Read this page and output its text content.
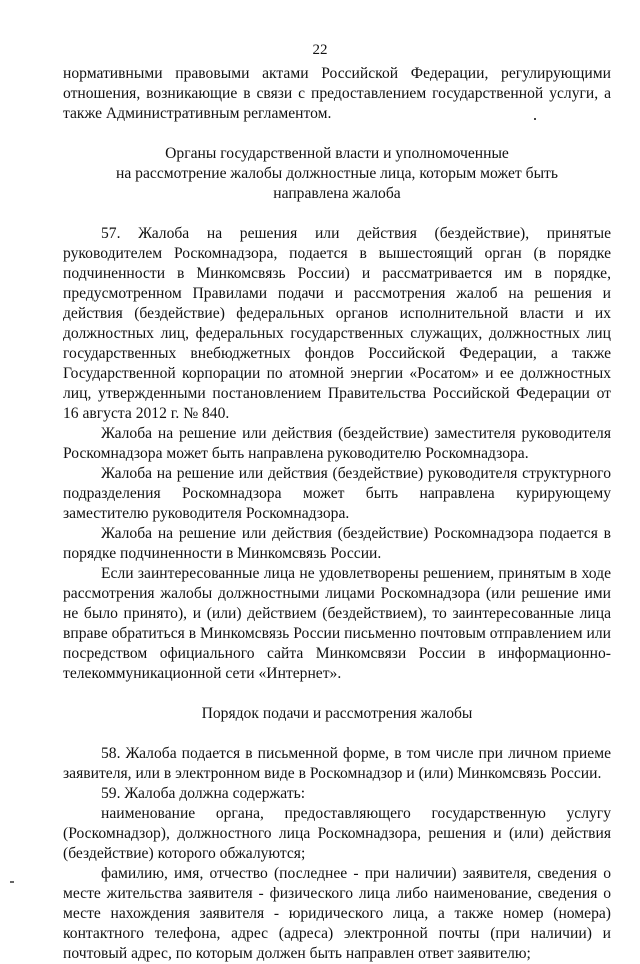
22

нормативными правовыми актами Российской Федерации, регулирующими отношения, возникающие в связи с предоставлением государственной услуги, а также Административным регламентом.

Органы государственной власти и уполномоченные
на рассмотрение жалобы должностные лица, которым может быть
направлена жалоба

57. Жалоба на решения или действия (бездействие), принятые руководителем Роскомнадзора, подается в вышестоящий орган (в порядке подчиненности в Минкомсвязь России) и рассматривается им в порядке, предусмотренном Правилами подачи и рассмотрения жалоб на решения и действия (бездействие) федеральных органов исполнительной власти и их должностных лиц, федеральных государственных служащих, должностных лиц государственных внебюджетных фондов Российской Федерации, а также Государственной корпорации по атомной энергии «Росатом» и ее должностных лиц, утвержденными постановлением Правительства Российской Федерации от 16 августа 2012 г. № 840.

Жалоба на решение или действия (бездействие) заместителя руководителя Роскомнадзора может быть направлена руководителю Роскомнадзора.

Жалоба на решение или действия (бездействие) руководителя структурного подразделения Роскомнадзора может быть направлена курирующему заместителю руководителя Роскомнадзора.

Жалоба на решение или действия (бездействие) Роскомнадзора подается в порядке подчиненности в Минкомсвязь России.

Если заинтересованные лица не удовлетворены решением, принятым в ходе рассмотрения жалобы должностными лицами Роскомнадзора (или решение ими не было принято), и (или) действием (бездействием), то заинтересованные лица вправе обратиться в Минкомсвязь России письменно почтовым отправлением или посредством официального сайта Минкомсвязи России в информационно-телекоммуникационной сети «Интернет».

Порядок подачи и рассмотрения жалобы

58. Жалоба подается в письменной форме, в том числе при личном приеме заявителя, или в электронном виде в Роскомнадзор и (или) Минкомсвязь России.

59. Жалоба должна содержать:

наименование органа, предоставляющего государственную услугу (Роскомнадзор), должностного лица Роскомнадзора, решения и (или) действия (бездействие) которого обжалуются;

фамилию, имя, отчество (последнее - при наличии) заявителя, сведения о месте жительства заявителя - физического лица либо наименование, сведения о месте нахождения заявителя - юридического лица, а также номер (номера) контактного телефона, адрес (адреса) электронной почты (при наличии) и почтовый адрес, по которым должен быть направлен ответ заявителю;
